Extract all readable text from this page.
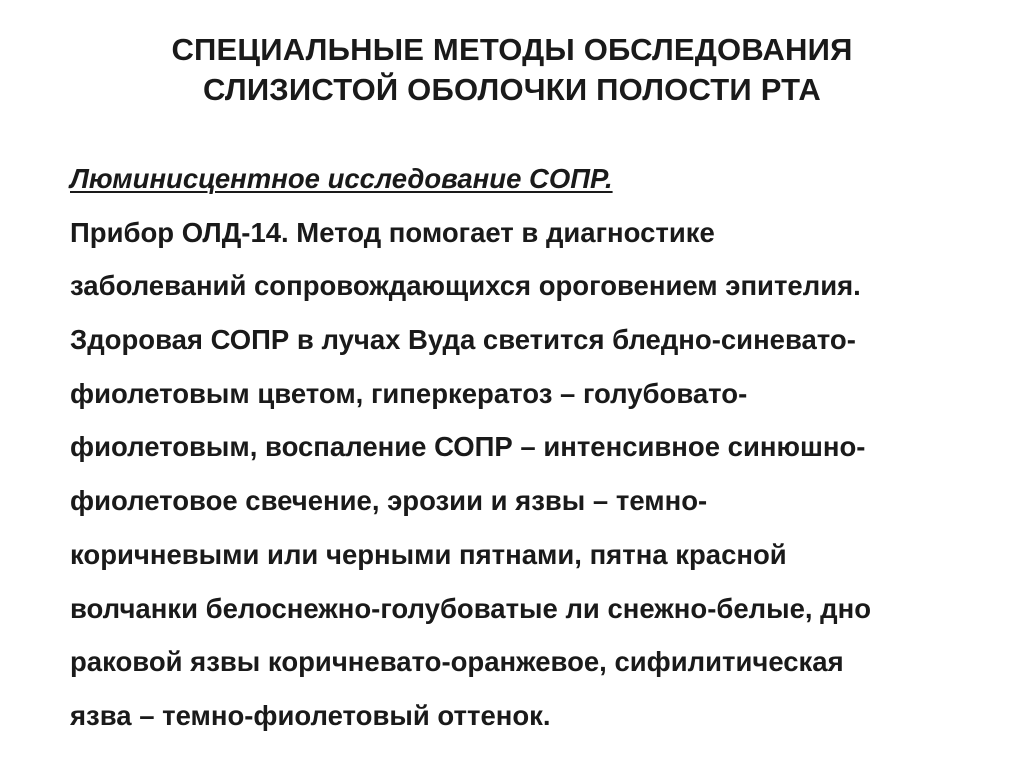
СПЕЦИАЛЬНЫЕ МЕТОДЫ ОБСЛЕДОВАНИЯ
СЛИЗИСТОЙ ОБОЛОЧКИ ПОЛОСТИ РТА
Люминисцентное исследование СОПР.
Прибор ОЛД-14. Метод помогает в диагностике
заболеваний сопровождающихся ороговением эпителия.
Здоровая СОПР в лучах Вуда светится бледно-синевато-
фиолетовым цветом, гиперкератоз – голубовато-
фиолетовым, воспаление СОПР – интенсивное синюшно-
фиолетовое свечение, эрозии и язвы – темно-
коричневыми или черными пятнами, пятна красной
волчанки белоснежно-голубоватые ли снежно-белые, дно
раковой язвы коричневато-оранжевое, сифилитическая
язва – темно-фиолетовый оттенок.
